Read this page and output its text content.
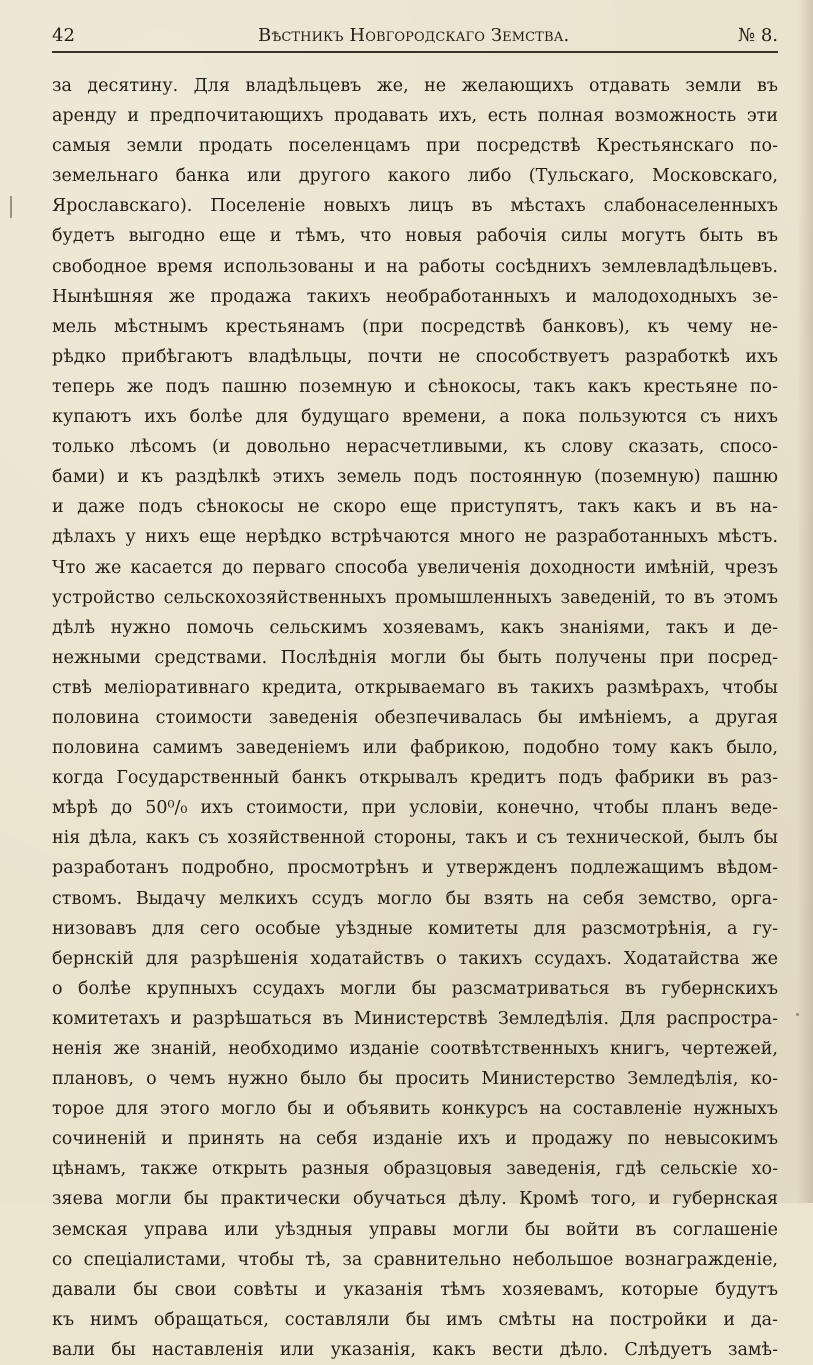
42	Вѣстникъ Новгородскаго Земства.	№ 8.
за десятину. Для владѣльцевъ же, не желающихъ отдавать земли въ
аренду и предпочитающихъ продавать ихъ, есть полная возможность эти
самыя земли продать поселенцамъ при посредствѣ Крестьянскаго по-
земельнаго банка или другого какого либо (Тульскаго, Московскаго,
Ярославскаго). Поселеніе новыхъ лицъ въ мѣстахъ слабонаселенныхъ
будетъ выгодно еще и тѣмъ, что новыя рабочія силы могутъ быть въ
свободное время использованы и на работы сосѣднихъ землевладѣльцевъ.
Нынѣшняя же продажа такихъ необработанныхъ и малодоходныхъ зе-
мель мѣстнымъ крестьянамъ (при посредствѣ банковъ), къ чему не-
рѣдко прибѣгаютъ владѣльцы, почти не способствуетъ разработкѣ ихъ
теперь же подъ пашню поземную и сѣнокосы, такъ какъ крестьяне по-
купаютъ ихъ болѣе для будущаго времени, а пока пользуются съ нихъ
только лѣсомъ (и довольно нерасчетливыми, къ слову сказать, спосо-
бами) и къ раздѣлкѣ этихъ земель подъ постоянную (поземную) пашню
и даже подъ сѣнокосы не скоро еще приступятъ, такъ какъ и въ на-
дѣлахъ у нихъ еще нерѣдко встрѣчаются много не разработанныхъ мѣстъ.
Что же касается до перваго способа увеличенія доходности имѣній, чрезъ
устройство сельскохозяйственныхъ промышленныхъ заведеній, то въ этомъ
дѣлѣ нужно помочь сельскимъ хозяевамъ, какъ знаніями, такъ и де-
нежными средствами. Послѣднія могли бы быть получены при посред-
ствѣ меліоративнаго кредита, открываемаго въ такихъ размѣрахъ, чтобы
половина стоимости заведенія обезпечивалась бы имѣніемъ, а другая
половина самимъ заведеніемъ или фабрикою, подобно тому какъ было,
когда Государственный банкъ открывалъ кредитъ подъ фабрики въ раз-
мѣрѣ до 50⁰/₀ ихъ стоимости, при условіи, конечно, чтобы планъ веде-
нія дѣла, какъ съ хозяйственной стороны, такъ и съ технической, былъ бы
разработанъ подробно, просмотрѣнъ и утвержденъ подлежащимъ вѣдом-
ствомъ. Выдачу мелкихъ ссудъ могло бы взять на себя земство, орга-
низовавъ для сего особые уѣздные комитеты для разсмотрѣнія, а гу-
бернскій для разрѣшенія ходатайствъ о такихъ ссудахъ. Ходатайства же
о болѣе крупныхъ ссудахъ могли бы разсматриваться въ губернскихъ
комитетахъ и разрѣшаться въ Министерствѣ Земледѣлія. Для распростра-
ненія же знаній, необходимо изданіе соотвѣтственныхъ книгъ, чертежей,
плановъ, о чемъ нужно было бы просить Министерство Земледѣлія, ко-
торое для этого могло бы и объявить конкурсъ на составленіе нужныхъ
сочиненій и принять на себя изданіе ихъ и продажу по невысокимъ
цѣнамъ, также открыть разныя образцовыя заведенія, гдѣ сельскіе хо-
зяева могли бы практически обучаться дѣлу. Кромѣ того, и губернская
земская управа или уѣздныя управы могли бы войти въ соглашеніе
со спеціалистами, чтобы тѣ, за сравнительно небольшое вознагражденіе,
давали бы свои совѣты и указанія тѣмъ хозяевамъ, которые будутъ
къ нимъ обращаться, составляли бы имъ смѣты на постройки и да-
вали бы наставленія или указанія, какъ вести дѣло. Слѣдуетъ замѣ-
